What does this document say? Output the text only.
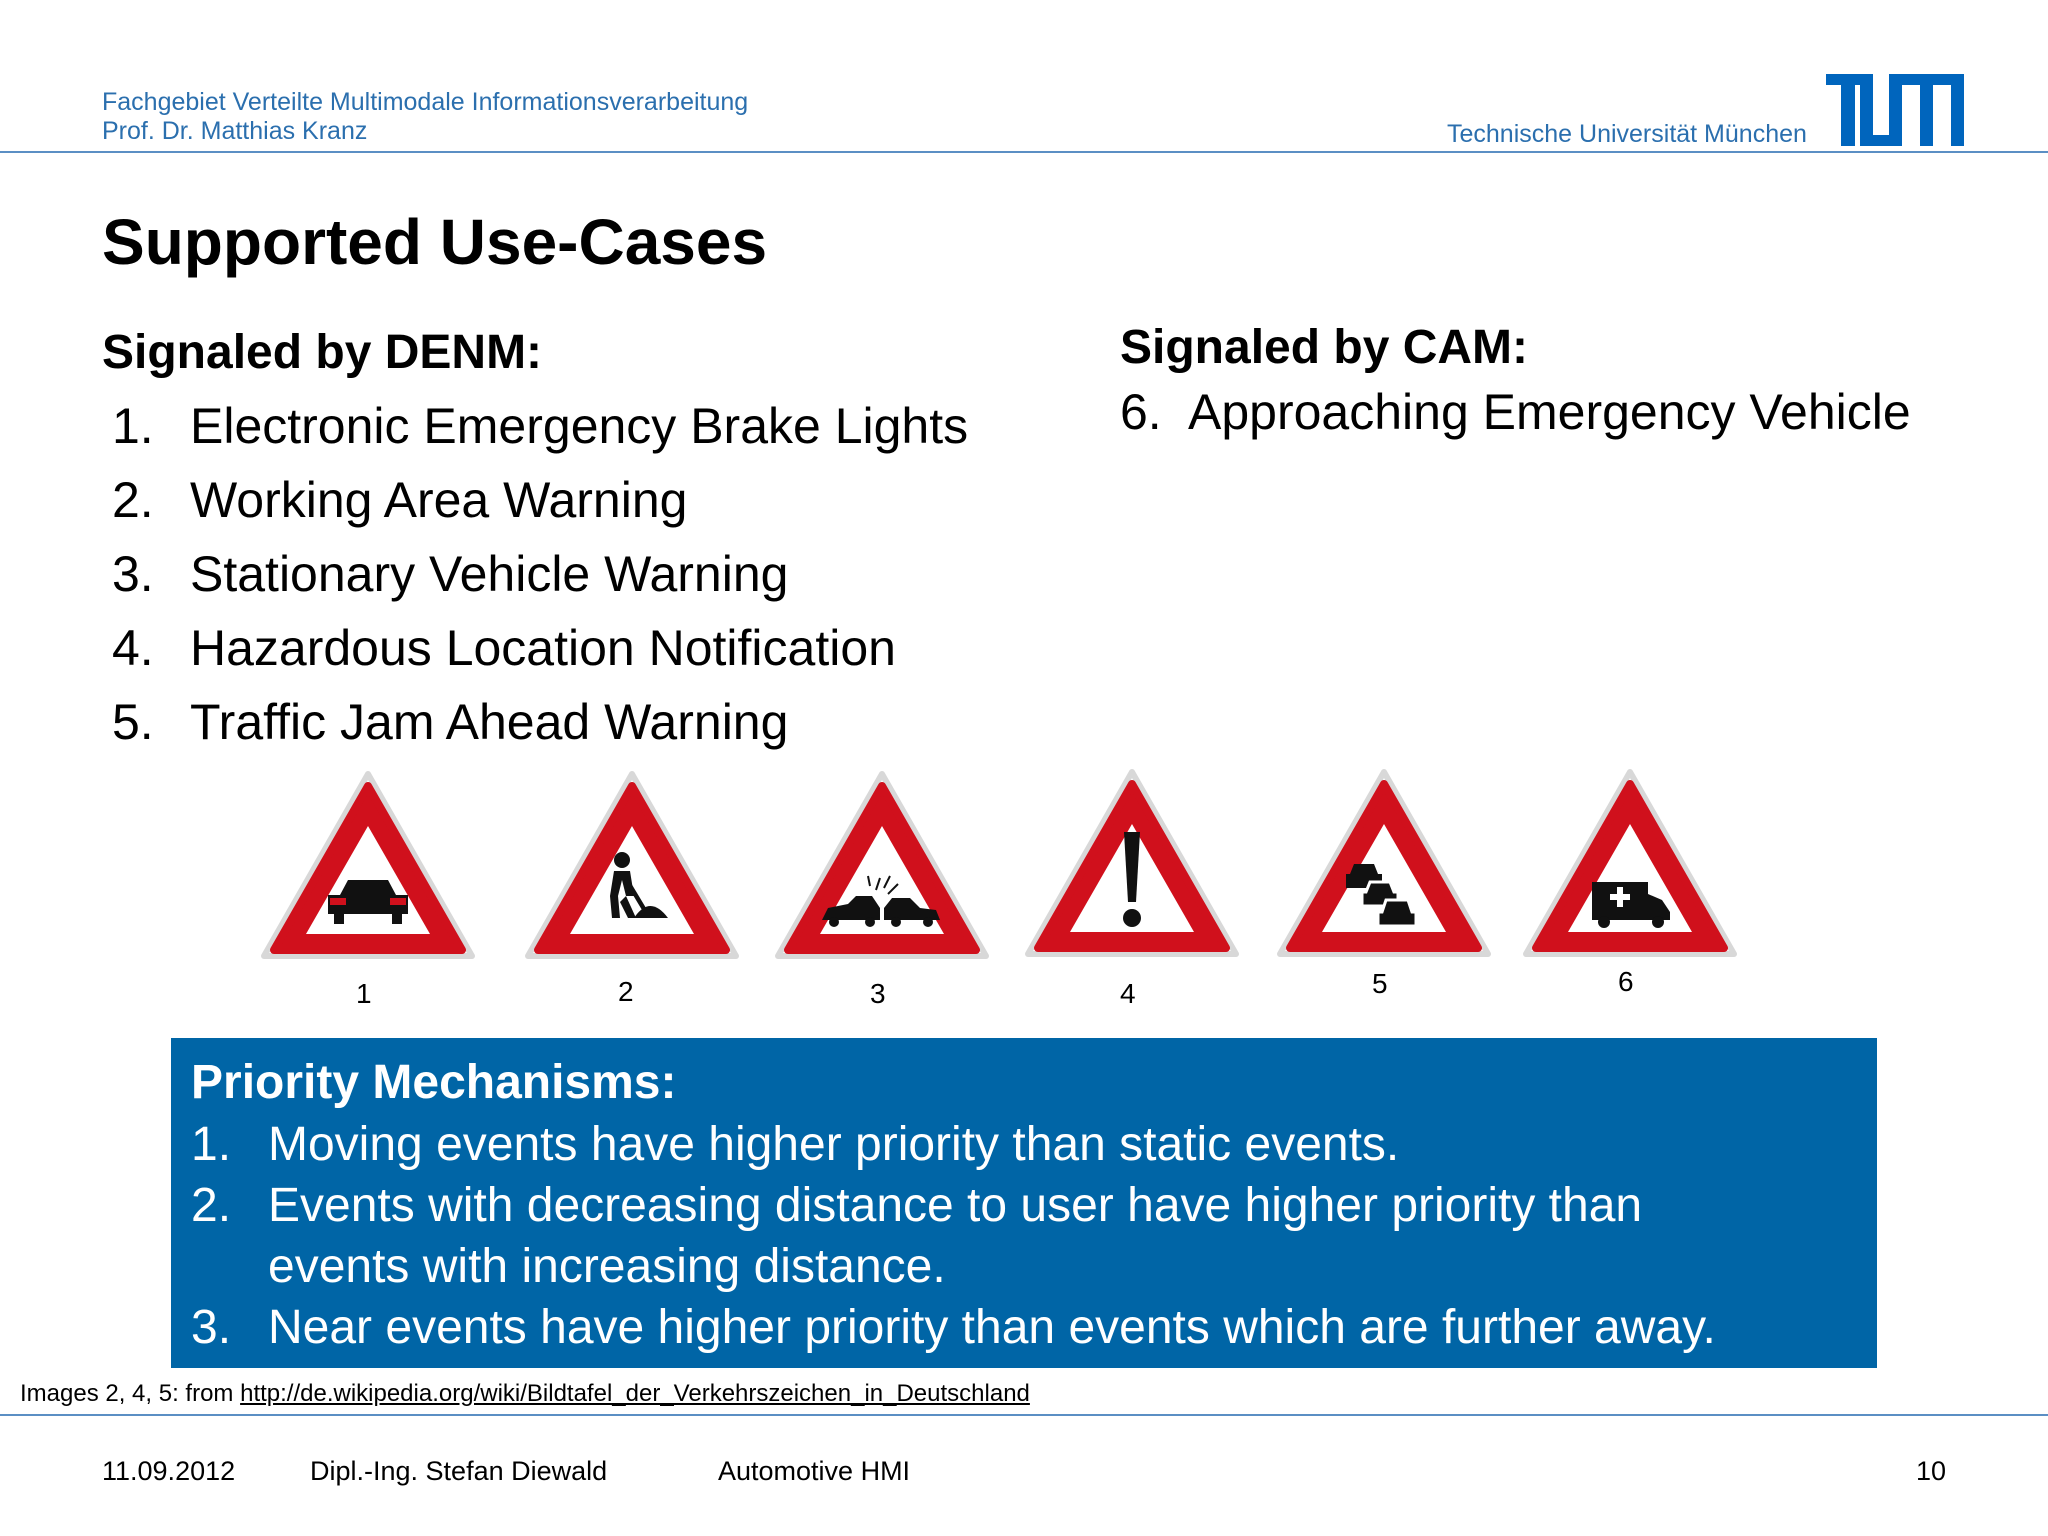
Fachgebiet Verteilte Multimodale Informationsverarbeitung
Prof. Dr. Matthias Kranz	Technische Universität München
Supported Use-Cases
Signaled by DENM:
1. Electronic Emergency Brake Lights
2. Working Area Warning
3. Stationary Vehicle Warning
4. Hazardous Location Notification
5. Traffic Jam Ahead Warning
Signaled by CAM:
6. Approaching Emergency Vehicle
1	2	3	4	5	6
Priority Mechanisms:
1. Moving events have higher priority than static events.
2. Events with decreasing distance to user have higher priority than
events with increasing distance.
3. Near events have higher priority than events which are further away.
Images 2, 4, 5: from http://de.wikipedia.org/wiki/Bildtafel_der_Verkehrszeichen_in_Deutschland
11.09.2012	Dipl.-Ing. Stefan Diewald	Automotive HMI	10
